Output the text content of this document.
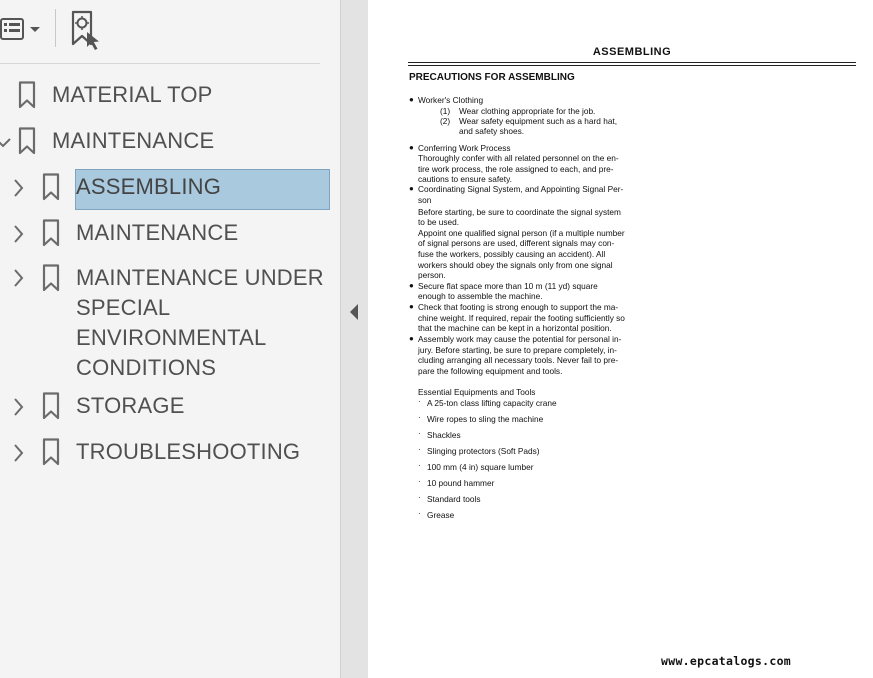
MATERIAL TOP
MAINTENANCE
ASSEMBLING
MAINTENANCE
MAINTENANCE UNDER SPECIAL ENVIRONMENTAL CONDITIONS
STORAGE
TROUBLESHOOTING
ASSEMBLING
PRECAUTIONS FOR ASSEMBLING
● Worker's Clothing
(1) Wear clothing appropriate for the job.
(2) Wear safety equipment such as a hard hat,
and safety shoes.
● Conferring Work Process
Thoroughly confer with all related personnel on the en-
tire work process, the role assigned to each, and pre-
cautions to ensure safety.
● Coordinating Signal System, and Appointing Signal Per-
son
Before starting, be sure to coordinate the signal system
to be used.
Appoint one qualified signal person (if a multiple number
of signal persons are used, different signals may con-
fuse the workers, possibly causing an accident). All
workers should obey the signals only from one signal
person.
● Secure flat space more than 10 m (11 yd) square
enough to assemble the machine.
● Check that footing is strong enough to support the ma-
chine weight. If required, repair the footing sufficiently so
that the machine can be kept in a horizontal position.
● Assembly work may cause the potential for personal in-
jury. Before starting, be sure to prepare completely, in-
cluding arranging all necessary tools. Never fail to pre-
pare the following equipment and tools.
Essential Equipments and Tools
· A 25-ton class lifting capacity crane
· Wire ropes to sling the machine
· Shackles
· Slinging protectors (Soft Pads)
· 100 mm (4 in) square lumber
· 10 pound hammer
· Standard tools
· Grease
www.epcatalogs.com
